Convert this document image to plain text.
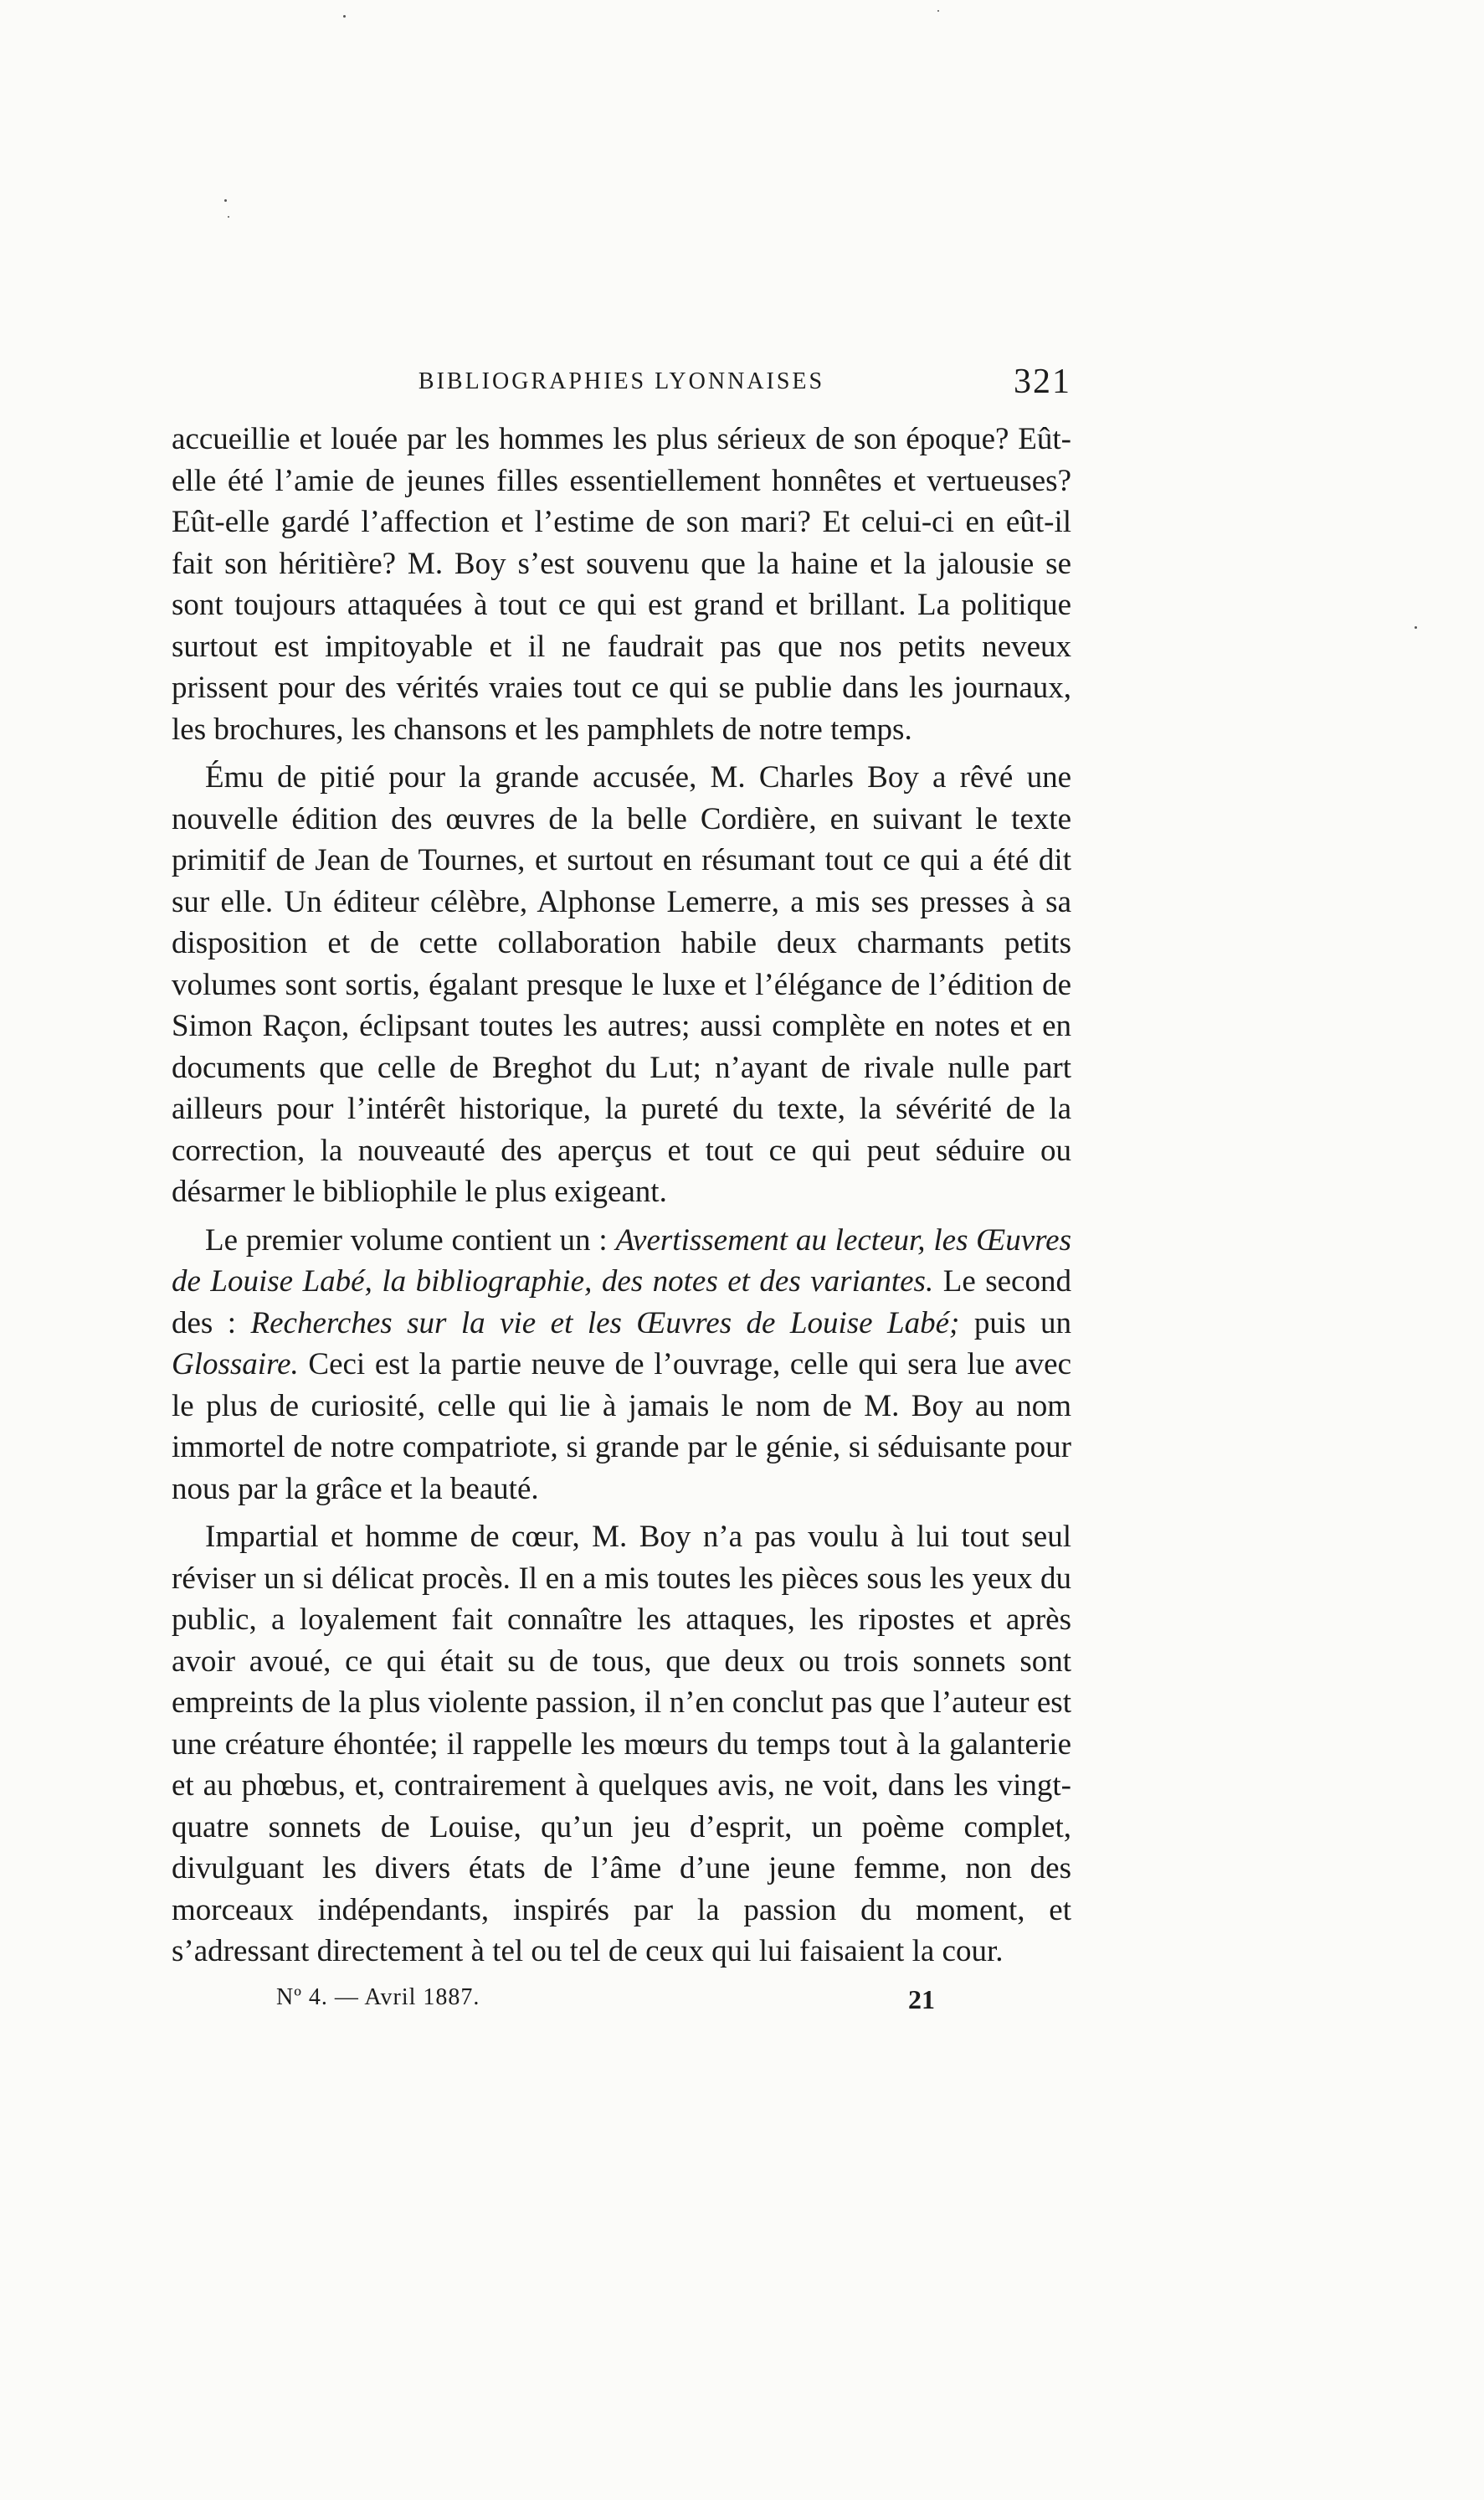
BIBLIOGRAPHIES LYONNAISES	321

accueillie et louée par les hommes les plus sérieux de son époque? Eût-elle été l’amie de jeunes filles essentiellement honnêtes et vertueuses? Eût-elle gardé l’affection et l’estime de son mari? Et celui-ci en eût-il fait son héritière? M. Boy s’est souvenu que la haine et la jalousie se sont toujours attaquées à tout ce qui est grand et brillant. La politique surtout est impitoyable et il ne faudrait pas que nos petits neveux prissent pour des vérités vraies tout ce qui se publie dans les journaux, les brochures, les chansons et les pamphlets de notre temps.

Ému de pitié pour la grande accusée, M. Charles Boy a rêvé une nouvelle édition des œuvres de la belle Cordière, en suivant le texte primitif de Jean de Tournes, et surtout en résumant tout ce qui a été dit sur elle. Un éditeur célèbre, Alphonse Lemerre, a mis ses presses à sa disposition et de cette collaboration habile deux charmants petits volumes sont sortis, égalant presque le luxe et l’élégance de l’édition de Simon Raçon, éclipsant toutes les autres; aussi complète en notes et en documents que celle de Breghot du Lut; n’ayant de rivale nulle part ailleurs pour l’intérêt historique, la pureté du texte, la sévérité de la correction, la nouveauté des aperçus et tout ce qui peut séduire ou désarmer le bibliophile le plus exigeant.

Le premier volume contient un : Avertissement au lecteur, les Œuvres de Louise Labé, la bibliographie, des notes et des variantes. Le second des : Recherches sur la vie et les Œuvres de Louise Labé; puis un Glossaire. Ceci est la partie neuve de l’ouvrage, celle qui sera lue avec le plus de curiosité, celle qui lie à jamais le nom de M. Boy au nom immortel de notre compatriote, si grande par le génie, si séduisante pour nous par la grâce et la beauté.

Impartial et homme de cœur, M. Boy n’a pas voulu à lui tout seul réviser un si délicat procès. Il en a mis toutes les pièces sous les yeux du public, a loyalement fait connaître les attaques, les ripostes et après avoir avoué, ce qui était su de tous, que deux ou trois sonnets sont empreints de la plus violente passion, il n’en conclut pas que l’auteur est une créature éhontée; il rappelle les mœurs du temps tout à la galanterie et au phœbus, et, contrairement à quelques avis, ne voit, dans les vingt-quatre sonnets de Louise, qu’un jeu d’esprit, un poème complet, divulguant les divers états de l’âme d’une jeune femme, non des morceaux indépendants, inspirés par la passion du moment, et s’adressant directement à tel ou tel de ceux qui lui faisaient la cour.

Nº 4. — Avril 1887.	21
